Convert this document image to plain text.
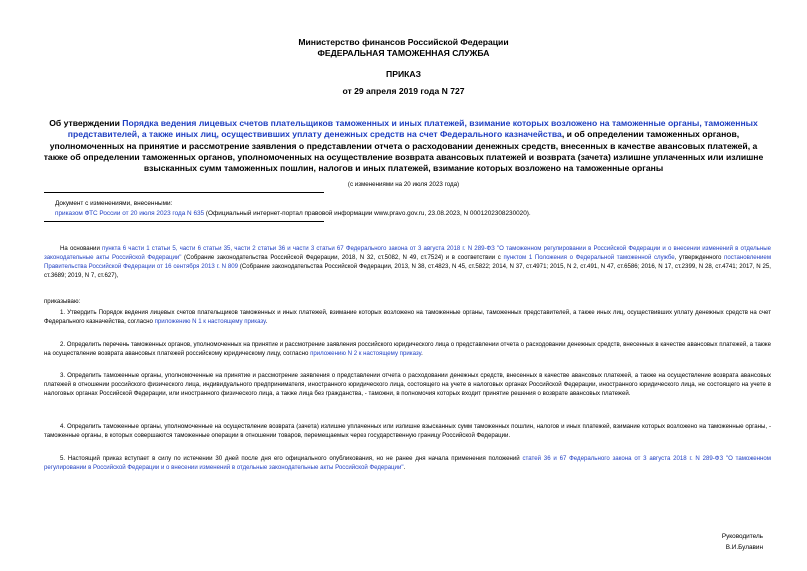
Министерство финансов Российской Федерации
ФЕДЕРАЛЬНАЯ ТАМОЖЕННАЯ СЛУЖБА
ПРИКАЗ
от 29 апреля 2019 года N 727
Об утверждении Порядка ведения лицевых счетов плательщиков таможенных и иных платежей, взимание которых возложено на таможенные органы, таможенных представителей, а также иных лиц, осуществивших уплату денежных средств на счет Федерального казначейства, и об определении таможенных органов, уполномоченных на принятие и рассмотрение заявления о представлении отчета о расходовании денежных средств, внесенных в качестве авансовых платежей, а также об определении таможенных органов, уполномоченных на осуществление возврата авансовых платежей и возврата (зачета) излишне уплаченных или излишне взысканных сумм таможенных пошлин, налогов и иных платежей, взимание которых возложено на таможенные органы
(с изменениями на 20 июля 2023 года)
Документ с изменениями, внесенными:
приказом ФТС России от 20 июля 2023 года N 635 (Официальный интернет-портал правовой информации www.pravo.gov.ru, 23.08.2023, N 0001202308230020).
На основании пункта 6 части 1 статьи 5, части 6 статьи 35, части 2 статьи 36 и части 3 статьи 67 Федерального закона от 3 августа 2018 г. N 289-ФЗ "О таможенном регулировании в Российской Федерации и о внесении изменений в отдельные законодательные акты Российской Федерации" (Собрание законодательства Российской Федерации, 2018, N 32, ст.5082, N 49, ст.7524) и в соответствии с пунктом 1 Положения о Федеральной таможенной службе, утвержденного постановлением Правительства Российской Федерации от 16 сентября 2013 г. N 809 (Собрание законодательства Российской Федерации, 2013, N 38, ст.4823, N 45, ст.5822; 2014, N 37, ст.4971; 2015, N 2, ст.491, N 47, ст.6586; 2016, N 17, ст.2399, N 28, ст.4741; 2017, N 25, ст.3689; 2019, N 7, ст.627),
приказываю:
1. Утвердить Порядок ведения лицевых счетов плательщиков таможенных и иных платежей, взимание которых возложено на таможенные органы, таможенных представителей, а также иных лиц, осуществивших уплату денежных средств на счет Федерального казначейства, согласно приложению N 1 к настоящему приказу.
2. Определить перечень таможенных органов, уполномоченных на принятие и рассмотрение заявления российского юридического лица о представлении отчета о расходовании денежных средств, внесенных в качестве авансовых платежей, а также на осуществление возврата авансовых платежей российскому юридическому лицу, согласно приложению N 2 к настоящему приказу.
3. Определить таможенные органы, уполномоченные на принятие и рассмотрение заявления о представлении отчета о расходовании денежных средств, внесенных в качестве авансовых платежей, а также на осуществление возврата авансовых платежей в отношении российского физического лица, индивидуального предпринимателя, иностранного юридического лица, состоящего на учете в налоговых органах Российской Федерации, иностранного юридического лица, не состоящего на учете в налоговых органах Российской Федерации, или иностранного физического лица, а также лица без гражданства, - таможни, в полномочия которых входит принятие решения о возврате авансовых платежей.
4. Определить таможенные органы, уполномоченные на осуществление возврата (зачета) излишне уплаченных или излишне взысканных сумм таможенных пошлин, налогов и иных платежей, взимание которых возложено на таможенные органы, - таможенные органы, в которых совершаются таможенные операции в отношении товаров, перемещаемых через государственную границу Российской Федерации.
5. Настоящий приказ вступает в силу по истечении 30 дней после дня его официального опубликования, но не ранее дня начала применения положений статей 36 и 67 Федерального закона от 3 августа 2018 г. N 289-ФЗ "О таможенном регулировании в Российской Федерации и о внесении изменений в отдельные законодательные акты Российской Федерации".
Руководитель
В.И.Булавин
